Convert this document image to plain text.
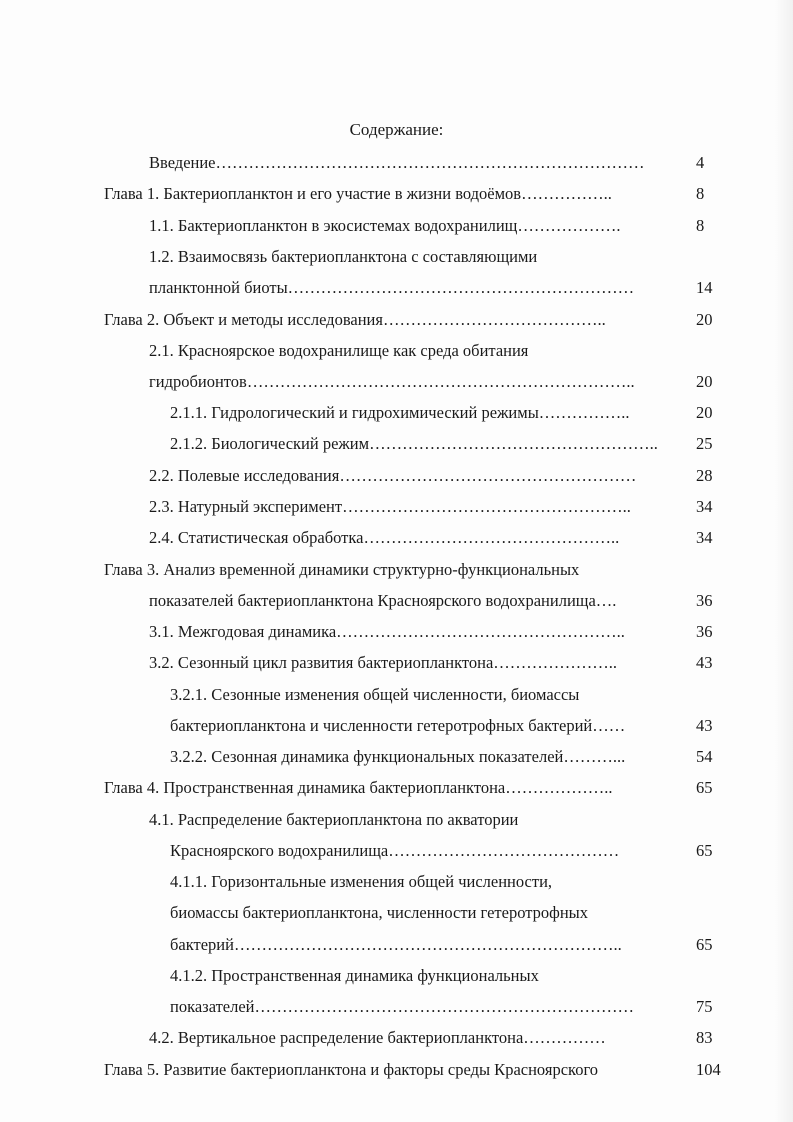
Содержание:
Введение……………………………………………………………………	4
Глава 1. Бактериопланктон и его участие в жизни водоёмов……………..	8
1.1. Бактериопланктон в экосистемах водохранилищ……………….	8
1.2. Взаимосвязь бактериопланктона с составляющими
планктонной биоты………………………………………………………	14
Глава 2. Объект и методы исследования…………………………………..	20
2.1. Красноярское водохранилище как среда обитания
гидробионтов……………………………………………………………..	20
2.1.1. Гидрологический и гидрохимический режимы……………..	20
2.1.2. Биологический режим…………………………………………….. 25
2.2. Полевые исследования………………………………………………	28
2.3. Натурный эксперимент……………………………………………..	34
2.4. Статистическая обработка………………………………………..	34
Глава 3. Анализ временной динамики структурно-функциональных
показателей бактериопланктона Красноярского водохранилища….	36
3.1. Межгодовая динамика……………………………………………..	36
3.2. Сезонный цикл развития бактериопланктона…………………..	43
3.2.1. Сезонные изменения общей численности, биомассы
бактериопланктона и численности гетеротрофных бактерий……	43
3.2.2. Сезонная динамика функциональных показателей………...	54
Глава 4. Пространственная динамика бактериопланктона………………..	65
4.1. Распределение бактериопланктона по акватории
Красноярского водохранилища……………………………………	65
4.1.1. Горизонтальные изменения общей численности,
биомассы бактериопланктона, численности гетеротрофных
бактерий……………………………………………………………..	65
4.1.2. Пространственная динамика функциональных
показателей……………………………………………………………	75
4.2. Вертикальное распределение бактериопланктона……………	83
Глава 5. Развитие бактериопланктона и факторы среды Красноярского	104
